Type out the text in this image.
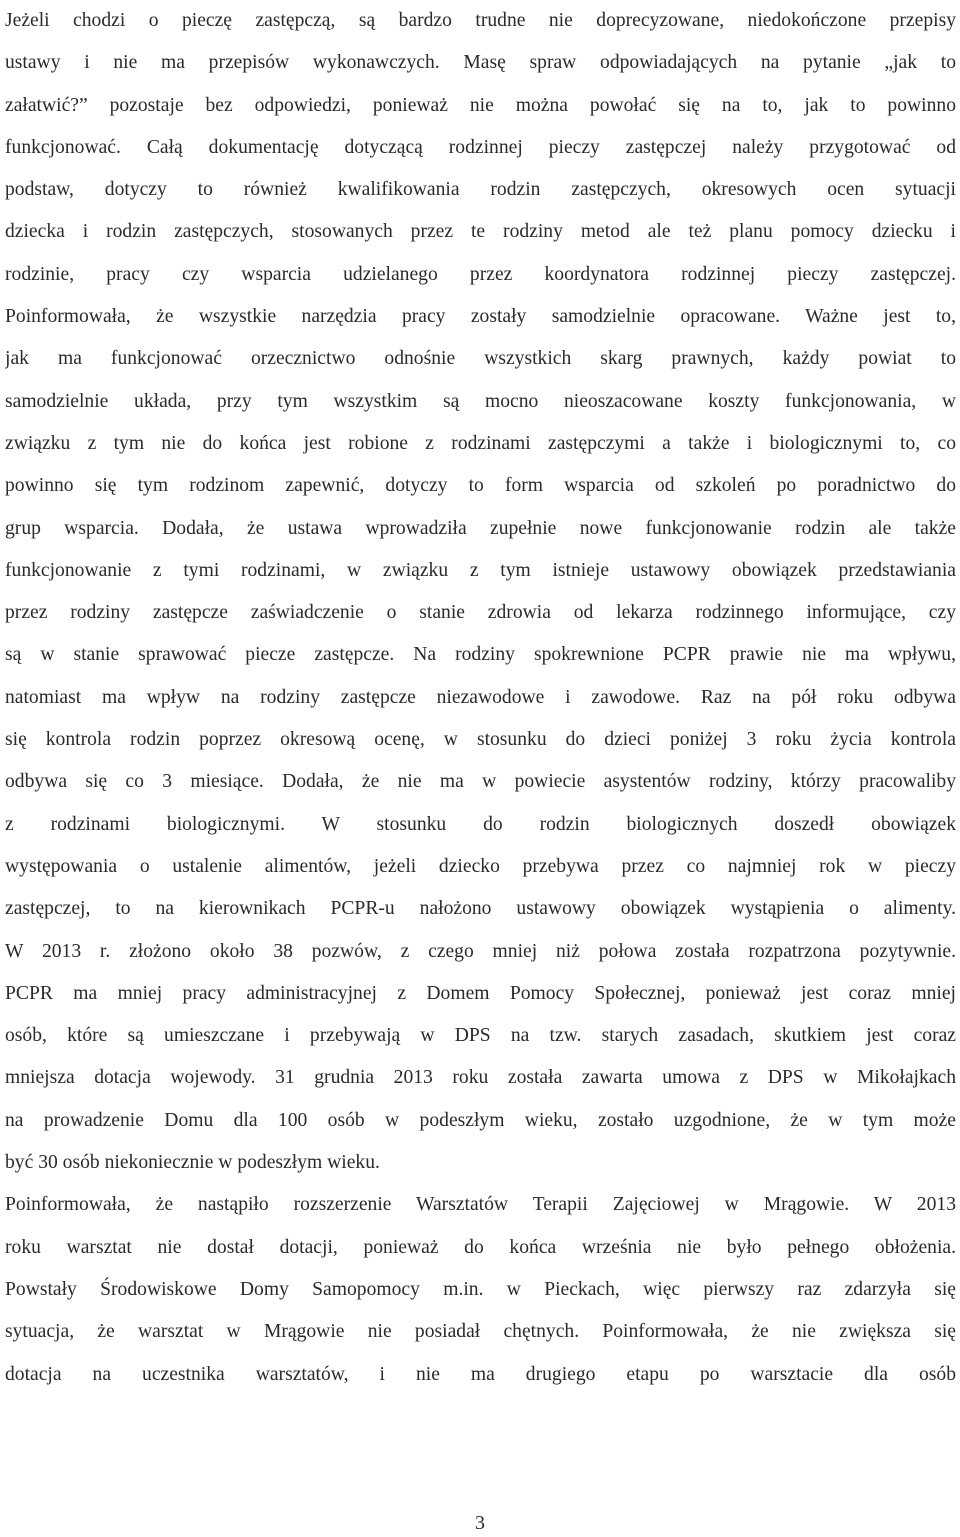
Jeżeli chodzi o pieczę zastępczą, są bardzo trudne nie doprecyzowane, niedokończone przepisy
ustawy i nie ma przepisów wykonawczych. Masę spraw odpowiadających na pytanie „jak to
załatwić?” pozostaje bez odpowiedzi, ponieważ nie można powołać się na to, jak to powinno
funkcjonować. Całą dokumentację dotyczącą rodzinnej pieczy zastępczej należy przygotować od
podstaw, dotyczy to również kwalifikowania rodzin zastępczych, okresowych ocen sytuacji
dziecka i rodzin zastępczych, stosowanych przez te rodziny metod ale też planu pomocy dziecku i
rodzinie, pracy czy wsparcia udzielanego przez koordynatora rodzinnej pieczy zastępczej.
Poinformowała, że wszystkie narzędzia pracy zostały samodzielnie opracowane. Ważne jest to,
jak ma funkcjonować orzecznictwo odnośnie wszystkich skarg prawnych, każdy powiat to
samodzielnie układa, przy tym wszystkim są mocno nieoszacowane koszty funkcjonowania, w
związku z tym nie do końca jest robione z rodzinami zastępczymi a także i biologicznymi to, co
powinno się tym rodzinom zapewnić, dotyczy to form wsparcia od szkoleń po poradnictwo do
grup wsparcia. Dodała, że ustawa wprowadziła zupełnie nowe funkcjonowanie rodzin ale także
funkcjonowanie z tymi rodzinami, w związku z tym istnieje ustawowy obowiązek przedstawiania
przez rodziny zastępcze zaświadczenie o stanie zdrowia od lekarza rodzinnego informujące, czy
są w stanie sprawować piecze zastępcze. Na rodziny spokrewnione PCPR prawie nie ma wpływu,
natomiast ma wpływ na rodziny zastępcze niezawodowe i zawodowe. Raz na pół roku odbywa
się kontrola rodzin poprzez okresową ocenę, w stosunku do dzieci poniżej 3 roku życia kontrola
odbywa się co 3 miesiące. Dodała, że nie ma w powiecie asystentów rodziny, którzy pracowaliby
z rodzinami biologicznymi. W stosunku do rodzin biologicznych doszedł obowiązek
występowania o ustalenie alimentów, jeżeli dziecko przebywa przez co najmniej rok w pieczy
zastępczej, to na kierownikach PCPR-u nałożono ustawowy obowiązek wystąpienia o alimenty.
W 2013 r. złożono około 38 pozwów, z czego mniej niż połowa została rozpatrzona pozytywnie.
PCPR ma mniej pracy administracyjnej z Domem Pomocy Społecznej, ponieważ jest coraz mniej
osób, które są umieszczane i przebywają w DPS na tzw. starych zasadach, skutkiem jest coraz
mniejsza dotacja wojewody. 31 grudnia 2013 roku została zawarta umowa z DPS w Mikołajkach
na prowadzenie Domu dla 100 osób w podeszłym wieku, zostało uzgodnione, że w tym może
być 30 osób niekoniecznie w podeszłym wieku.
Poinformowała, że nastąpiło rozszerzenie Warsztatów Terapii Zajęciowej w Mrągowie. W 2013
roku warsztat nie dostał dotacji, ponieważ do końca września nie było pełnego obłożenia.
Powstały Środowiskowe Domy Samopomocy m.in. w Pieckach, więc pierwszy raz zdarzyła się
sytuacja, że warsztat w Mrągowie nie posiadał chętnych. Poinformowała, że nie zwiększa się
dotacja na uczestnika warsztatów, i nie ma drugiego etapu po warsztacie dla osób
3
